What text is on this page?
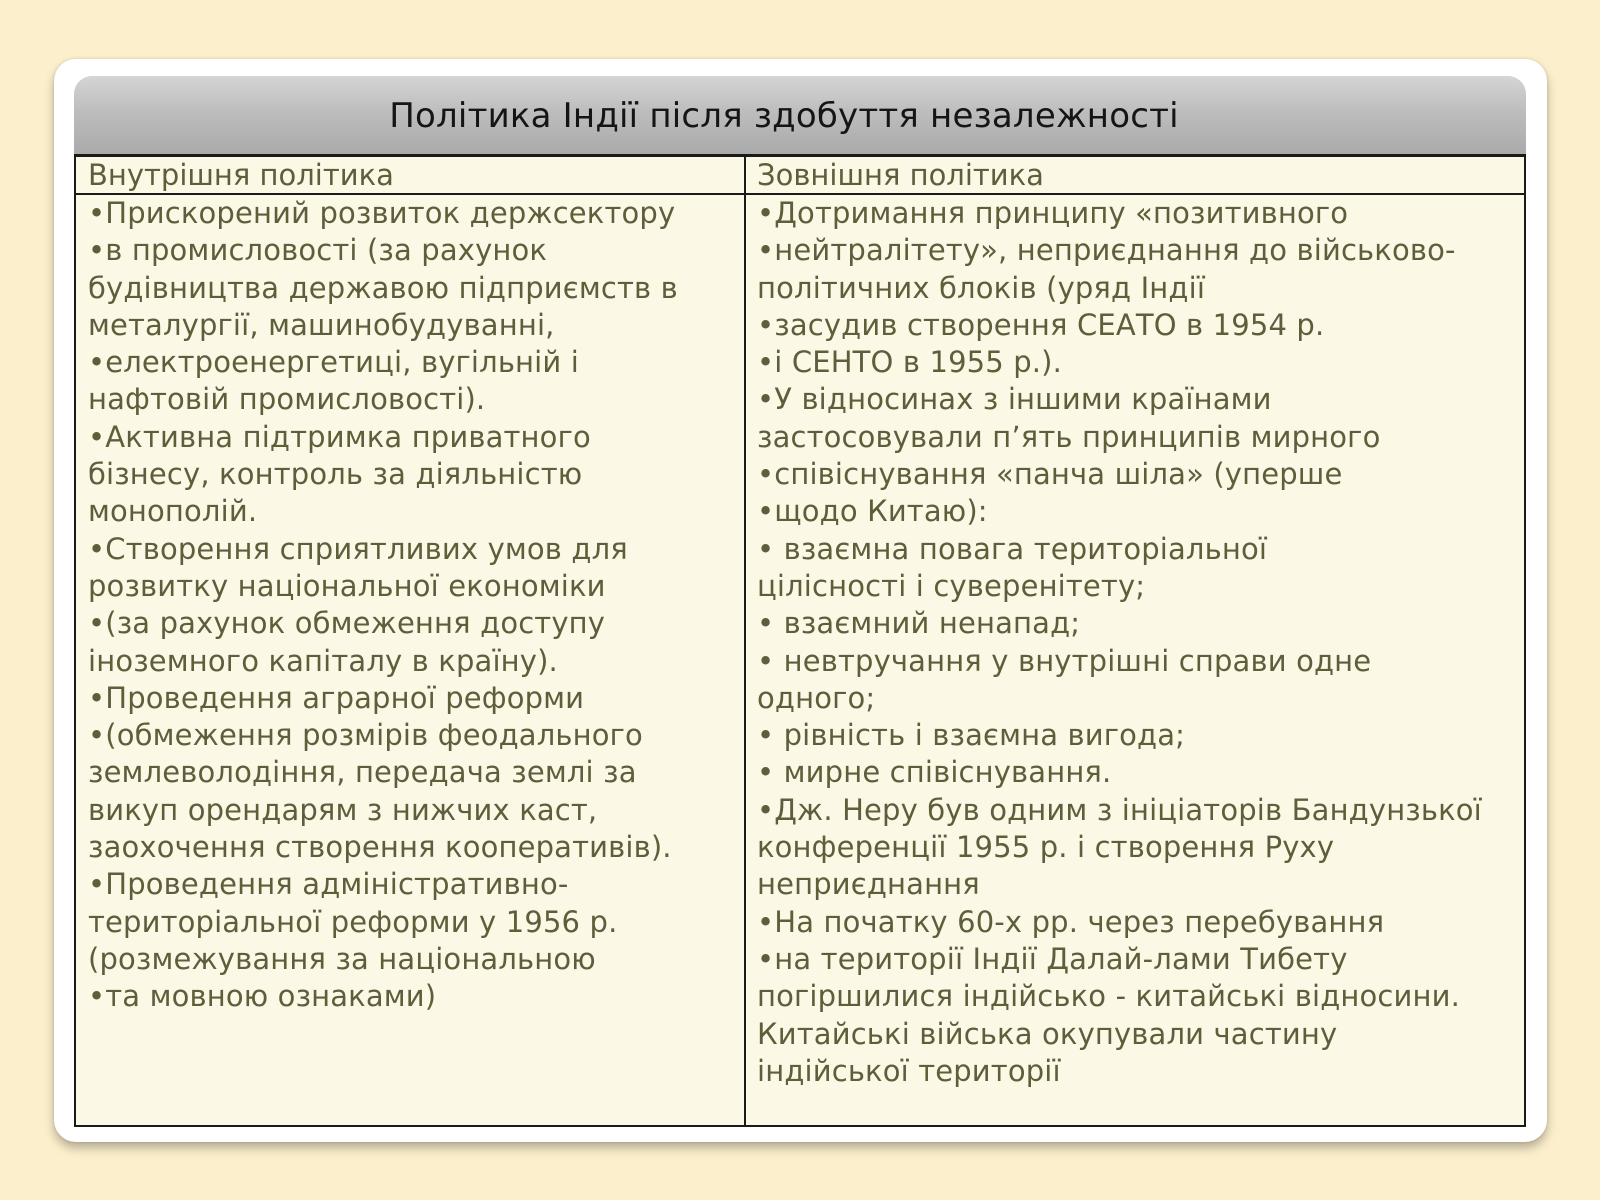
Політика Індії після здобуття незалежності
Внутрішня політика	Зовнішня політика
•Прискорений розвиток держсектору
•в промисловості (за рахунок
будівництва державою підприємств в
металургії, машинобудуванні,
•електроенергетиці, вугільній і
нафтовій промисловості).
•Активна підтримка приватного
бізнесу, контроль за діяльністю
монополій.
•Створення сприятливих умов для
розвитку національної економіки
•(за рахунок обмеження доступу
іноземного капіталу в країну).
•Проведення аграрної реформи
•(обмеження розмірів феодального
землеволодіння, передача землі за
викуп орендарям з нижчих каст,
заохочення створення кооперативів).
•Проведення адміністративно-
територіальної реформи у 1956 р.
(розмежування за національною
•та мовною ознаками)
•Дотримання принципу «позитивного
•нейтралітету», неприєднання до військово-
політичних блоків (уряд Індії
•засудив створення СЕАТО в 1954 р.
•і СЕНТО в 1955 р.).
•У відносинах з іншими країнами
застосовували п’ять принципів мирного
•співіснування «панча шіла» (уперше
•щодо Китаю):
• взаємна повага територіальної
цілісності і суверенітету;
• взаємний ненапад;
• невтручання у внутрішні справи одне
одного;
• рівність і взаємна вигода;
• мирне співіснування.
•Дж. Неру був одним з ініціаторів Бандунзької
конференції 1955 р. і створення Руху
неприєднання
•На початку 60-х рр. через перебування
•на території Індії Далай-лами Тибету
погіршилися індійсько - китайські відносини.
Китайські війська окупували частину
індійської території
